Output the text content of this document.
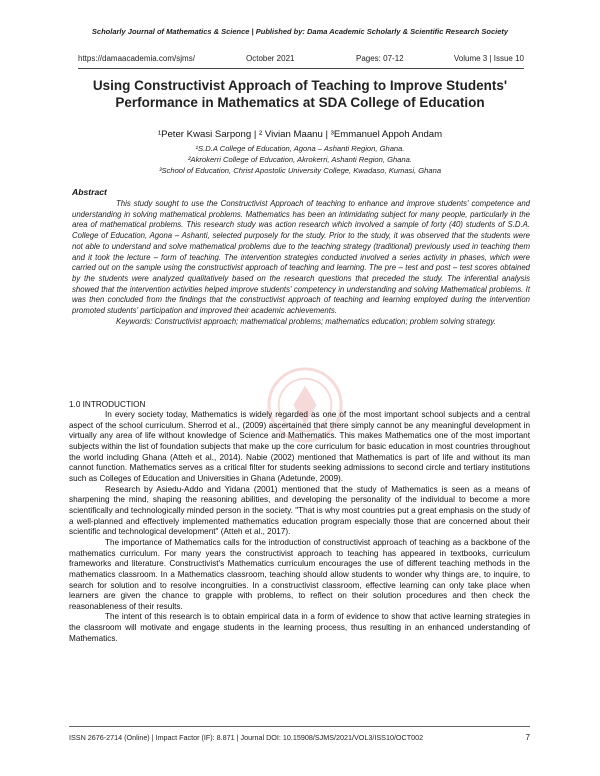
Scholarly Journal of Mathematics & Science | Published by: Dama Academic Scholarly & Scientific Research Society
https://damaacademia.com/sjms/	October 2021	Pages: 07-12	Volume 3 | Issue 10
Using Constructivist Approach of Teaching to Improve Students' Performance in Mathematics at SDA College of Education
¹Peter Kwasi Sarpong | ² Vivian Maanu | ³Emmanuel Appoh Andam
¹S.D.A College of Education, Agona – Ashanti Region, Ghana.
²Akrokerri College of Education, Akrokerri, Ashanti Region, Ghana.
³School of Education, Christ Apostolic University College, Kwadaso, Kumasi, Ghana
Abstract

This study sought to use the Constructivist Approach of teaching to enhance and improve students' competence and understanding in solving mathematical problems. Mathematics has been an intimidating subject for many people, particularly in the area of mathematical problems. This research study was action research which involved a sample of forty (40) students of S.D.A. College of Education, Agona – Ashanti, selected purposely for the study. Prior to the study, it was observed that the students were not able to understand and solve mathematical problems due to the teaching strategy (traditional) previously used in teaching them and it took the lecture – form of teaching. The intervention strategies conducted involved a series activity in phases, which were carried out on the sample using the constructivist approach of teaching and learning. The pre – test and post – test scores obtained by the students were analyzed qualitatively based on the research questions that preceded the study. The inferential analysis showed that the intervention activities helped improve students' competency in understanding and solving Mathematical problems. It was then concluded from the findings that the constructivist approach of teaching and learning employed during the intervention promoted students' participation and improved their academic achievements.

Keywords: Constructivist approach; mathematical problems; mathematics education; problem solving strategy.

1.0 INTRODUCTION

In every society today, Mathematics is widely regarded as one of the most important school subjects and a central aspect of the school curriculum. Sherrod et al., (2009) ascertained that there simply cannot be any meaningful development in virtually any area of life without knowledge of Science and Mathematics. This makes Mathematics one of the most important subjects within the list of foundation subjects that make up the core curriculum for basic education in most countries throughout the world including Ghana (Atteh et al., 2014). Nabie (2002) mentioned that Mathematics is part of life and without its man cannot function. Mathematics serves as a critical filter for students seeking admissions to second circle and tertiary institutions such as Colleges of Education and Universities in Ghana (Adetunde, 2009).

Research by Asiedu-Addo and Yidana (2001) mentioned that the study of Mathematics is seen as a means of sharpening the mind, shaping the reasoning abilities, and developing the personality of the individual to become a more scientifically and technologically minded person in the society. "That is why most countries put a great emphasis on the study of a well-planned and effectively implemented mathematics education program especially those that are concerned about their scientific and technological development" (Atteh et al., 2017).

The importance of Mathematics calls for the introduction of constructivist approach of teaching as a backbone of the mathematics curriculum. For many years the constructivist approach to teaching has appeared in textbooks, curriculum frameworks and literature. Constructivist's Mathematics curriculum encourages the use of different teaching methods in the mathematics classroom. In a Mathematics classroom, teaching should allow students to wonder why things are, to inquire, to search for solution and to resolve incongruities. In a constructivist classroom, effective learning can only take place when learners are given the chance to grapple with problems, to reflect on their solution procedures and then check the reasonableness of their results.

The intent of this research is to obtain empirical data in a form of evidence to show that active learning strategies in the classroom will motivate and engage students in the learning process, thus resulting in an enhanced understanding of Mathematics.

ISSN 2676-2714 (Online) | Impact Factor (IF): 8.871 | Journal DOI: 10.15908/SJMS/2021/VOL3/ISS10/OCT002	7
